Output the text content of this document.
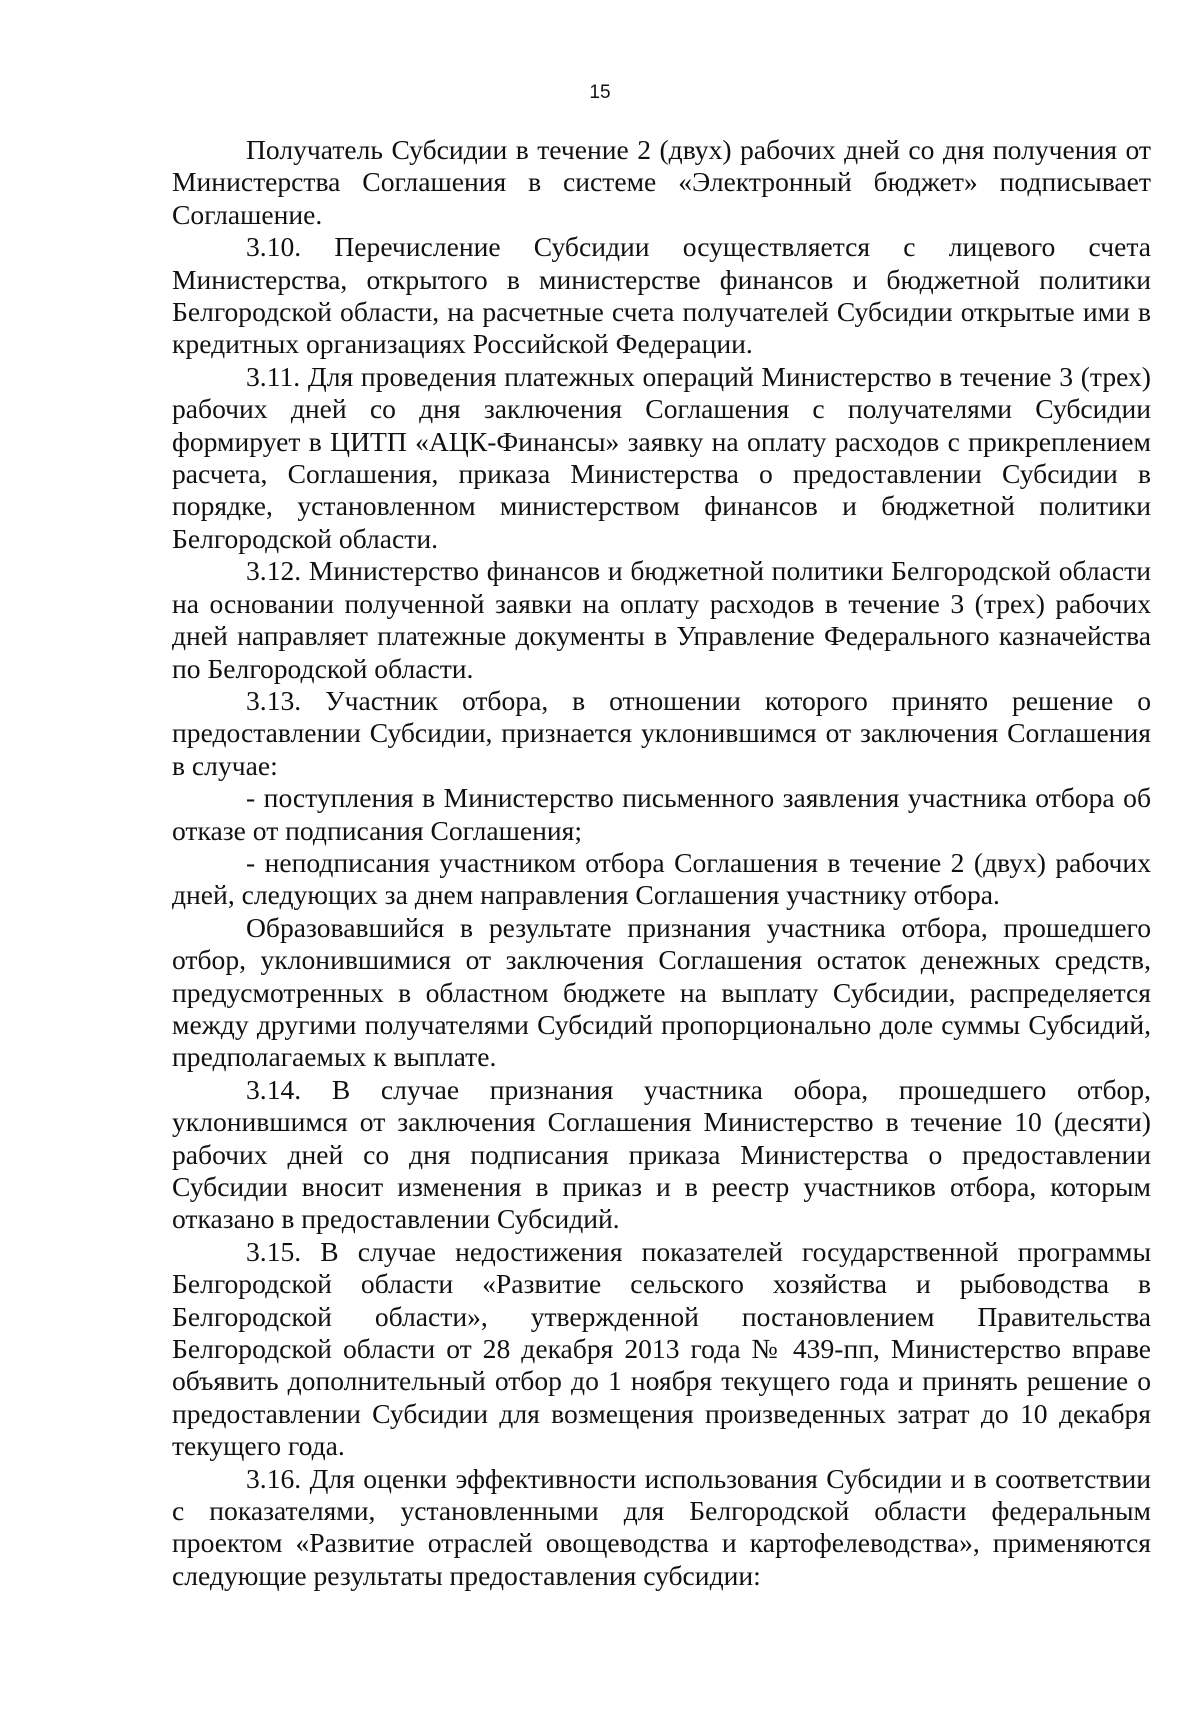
15

Получатель Субсидии в течение 2 (двух) рабочих дней со дня получения от Министерства Соглашения в системе «Электронный бюджет» подписывает Соглашение.

3.10. Перечисление Субсидии осуществляется с лицевого счета Министерства, открытого в министерстве финансов и бюджетной политики Белгородской области, на расчетные счета получателей Субсидии открытые ими в кредитных организациях Российской Федерации.

3.11. Для проведения платежных операций Министерство в течение 3 (трех) рабочих дней со дня заключения Соглашения с получателями Субсидии формирует в ЦИТП «АЦК-Финансы» заявку на оплату расходов с прикреплением расчета, Соглашения, приказа Министерства о предоставлении Субсидии в порядке, установленном министерством финансов и бюджетной политики Белгородской области.

3.12. Министерство финансов и бюджетной политики Белгородской области на основании полученной заявки на оплату расходов в течение 3 (трех) рабочих дней направляет платежные документы в Управление Федерального казначейства по Белгородской области.

3.13. Участник отбора, в отношении которого принято решение о предоставлении Субсидии, признается уклонившимся от заключения Соглашения в случае:

- поступления в Министерство письменного заявления участника отбора об отказе от подписания Соглашения;

- неподписания участником отбора Соглашения в течение 2 (двух) рабочих дней, следующих за днем направления Соглашения участнику отбора.

Образовавшийся в результате признания участника отбора, прошедшего отбор, уклонившимися от заключения Соглашения остаток денежных средств, предусмотренных в областном бюджете на выплату Субсидии, распределяется между другими получателями Субсидий пропорционально доле суммы Субсидий, предполагаемых к выплате.

3.14. В случае признания участника обора, прошедшего отбор, уклонившимся от заключения Соглашения Министерство в течение 10 (десяти) рабочих дней со дня подписания приказа Министерства о предоставлении Субсидии вносит изменения в приказ и в реестр участников отбора, которым отказано в предоставлении Субсидий.

3.15. В случае недостижения показателей государственной программы Белгородской области «Развитие сельского хозяйства и рыбоводства в Белгородской области», утвержденной постановлением Правительства Белгородской области от 28 декабря 2013 года № 439-пп, Министерство вправе объявить дополнительный отбор до 1 ноября текущего года и принять решение о предоставлении Субсидии для возмещения произведенных затрат до 10 декабря текущего года.

3.16. Для оценки эффективности использования Субсидии и в соответствии с показателями, установленными для Белгородской области федеральным проектом «Развитие отраслей овощеводства и картофелеводства», применяются следующие результаты предоставления субсидии:
